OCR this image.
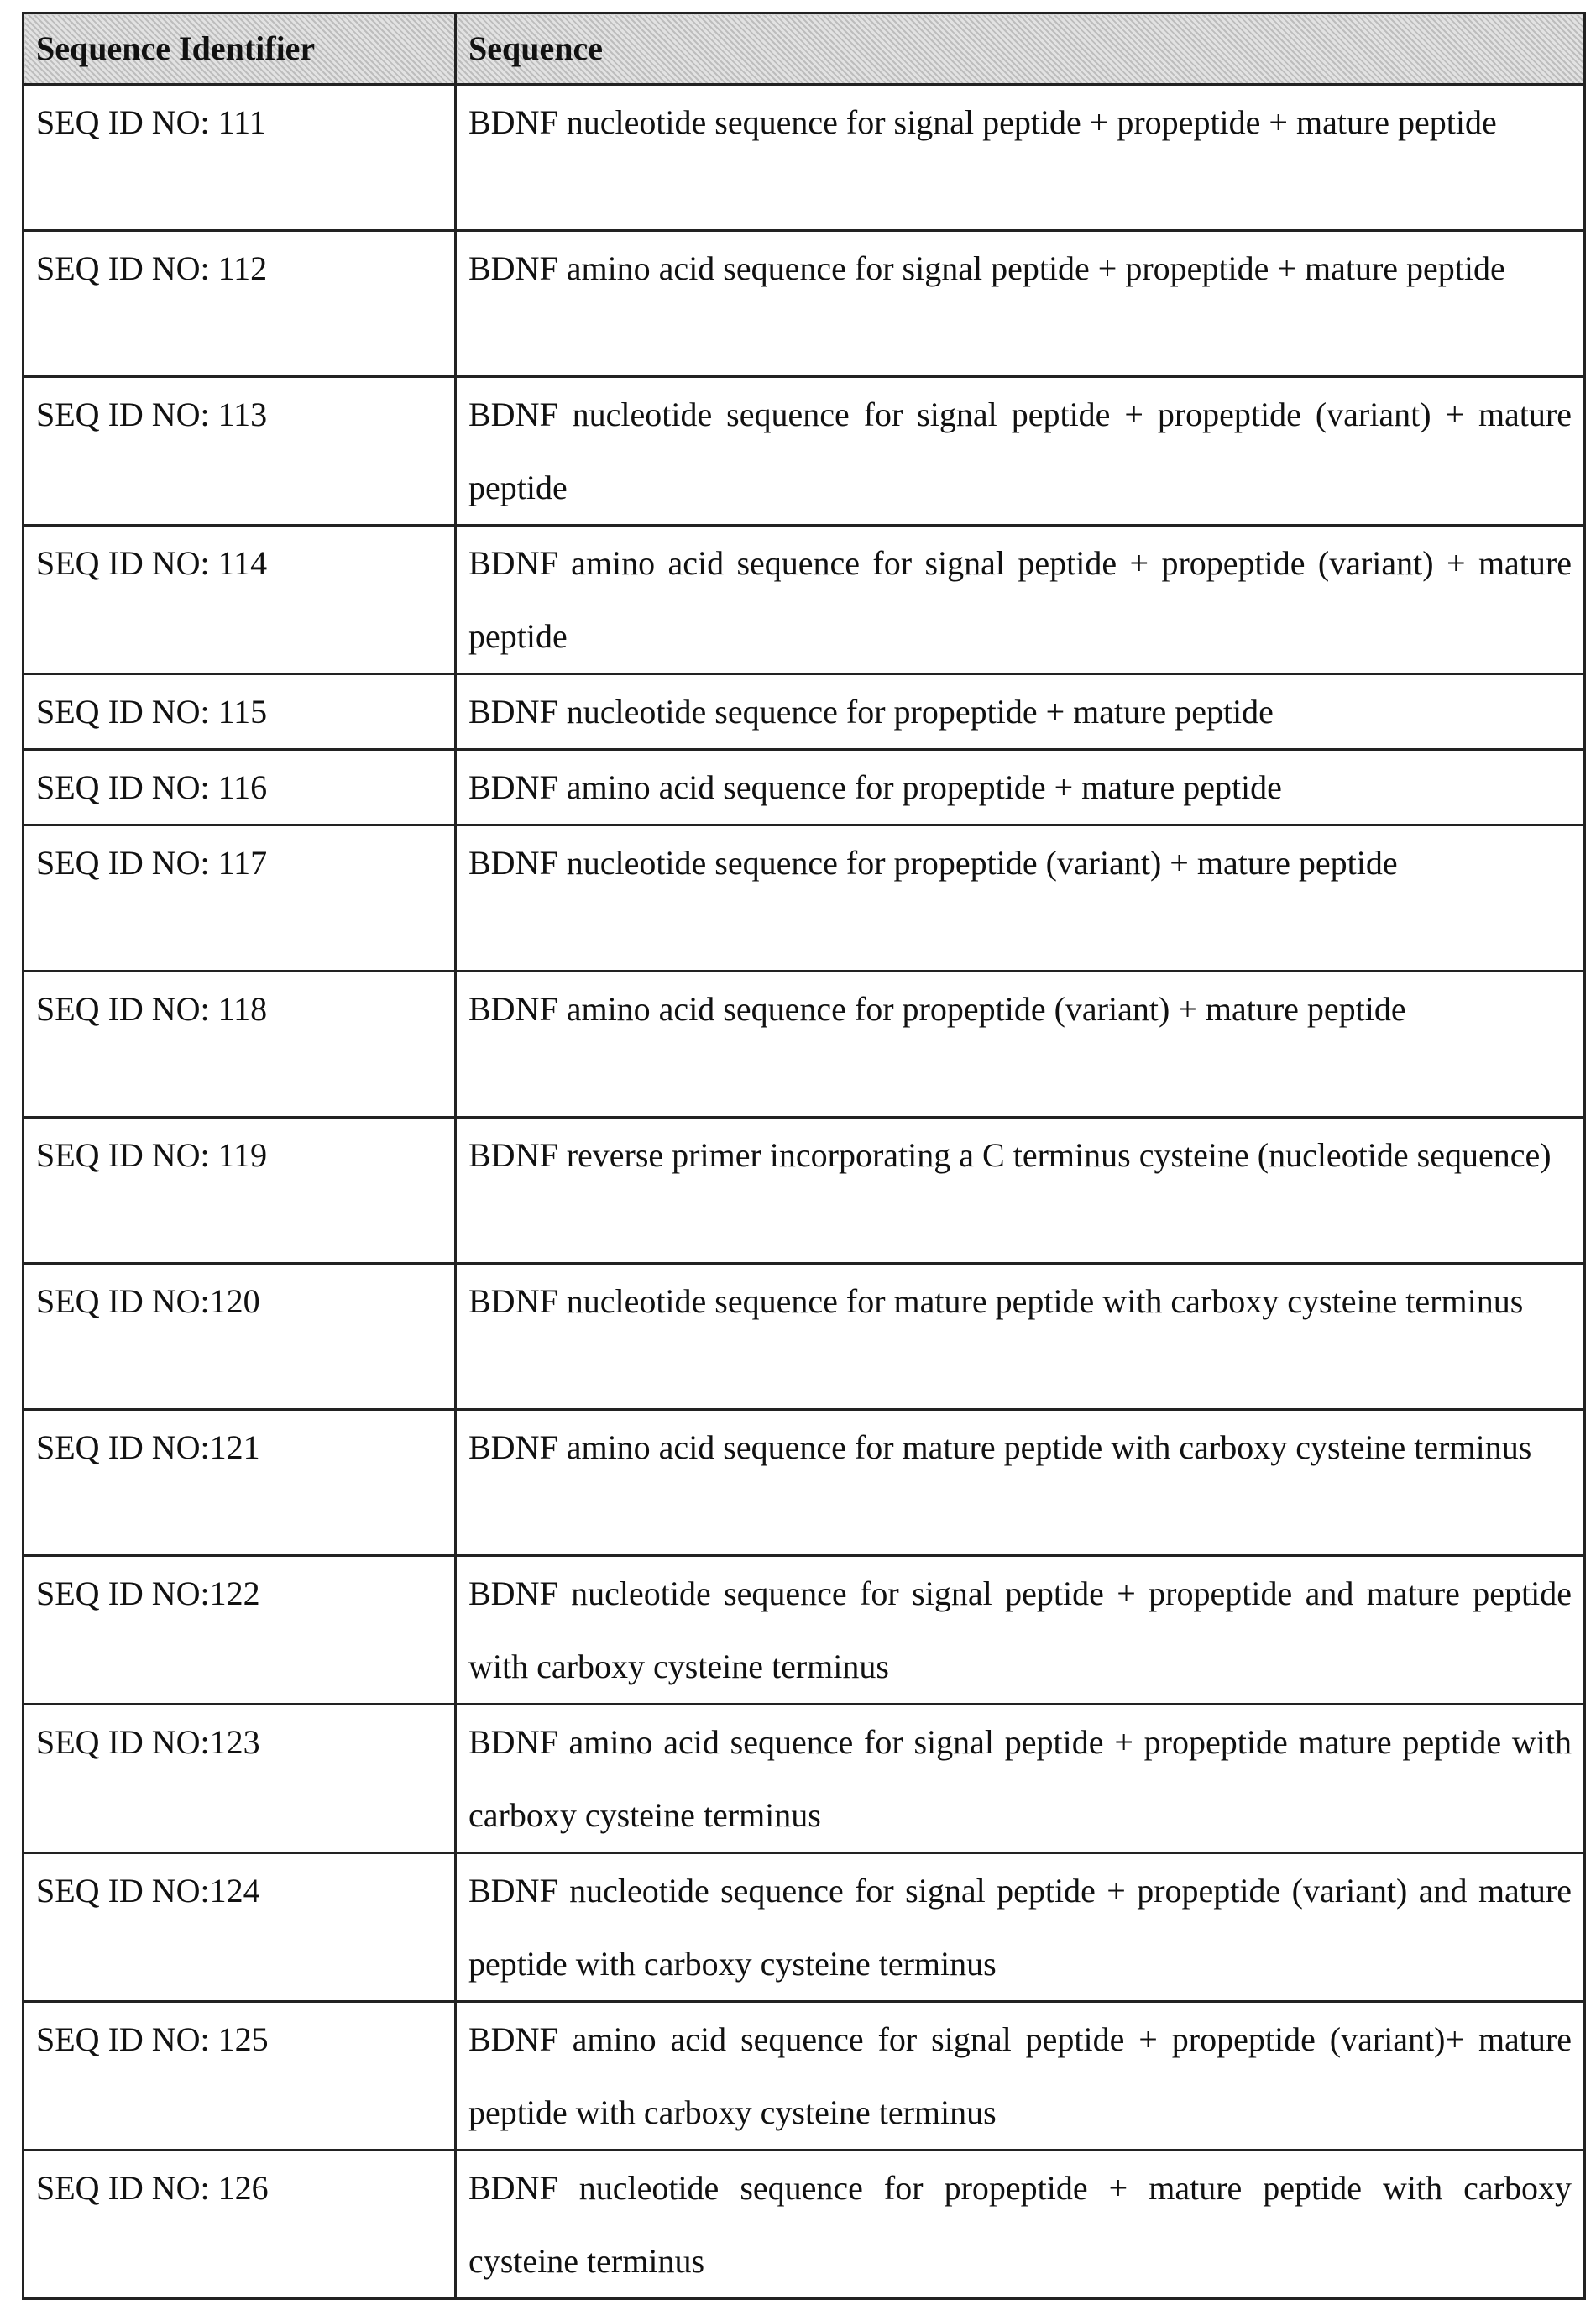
Sequence Identifier	Sequence
SEQ ID NO: 111	BDNF nucleotide sequence for signal peptide + propeptide + mature peptide
SEQ ID NO: 112	BDNF amino acid sequence for signal peptide + propeptide + mature peptide
SEQ ID NO: 113	BDNF nucleotide sequence for signal peptide + propeptide (variant) + mature peptide
SEQ ID NO: 114	BDNF amino acid sequence for signal peptide + propeptide (variant) + mature peptide
SEQ ID NO: 115	BDNF nucleotide sequence for propeptide + mature peptide
SEQ ID NO: 116	BDNF amino acid sequence for propeptide + mature peptide
SEQ ID NO: 117	BDNF nucleotide sequence for propeptide (variant) + mature peptide
SEQ ID NO: 118	BDNF amino acid sequence for propeptide (variant) + mature peptide
SEQ ID NO: 119	BDNF reverse primer incorporating a C terminus cysteine (nucleotide sequence)
SEQ ID NO:120	BDNF nucleotide sequence for mature peptide with carboxy cysteine terminus
SEQ ID NO:121	BDNF amino acid sequence for mature peptide with carboxy cysteine terminus
SEQ ID NO:122	BDNF nucleotide sequence for signal peptide + propeptide and mature peptide with carboxy cysteine terminus
SEQ ID NO:123	BDNF amino acid sequence for signal peptide + propeptide mature peptide with carboxy cysteine terminus
SEQ ID NO:124	BDNF nucleotide sequence for signal peptide + propeptide (variant) and mature peptide with carboxy cysteine terminus
SEQ ID NO: 125	BDNF amino acid sequence for signal peptide + propeptide (variant)+ mature peptide with carboxy cysteine terminus
SEQ ID NO: 126	BDNF nucleotide sequence for propeptide + mature peptide with carboxy cysteine terminus
